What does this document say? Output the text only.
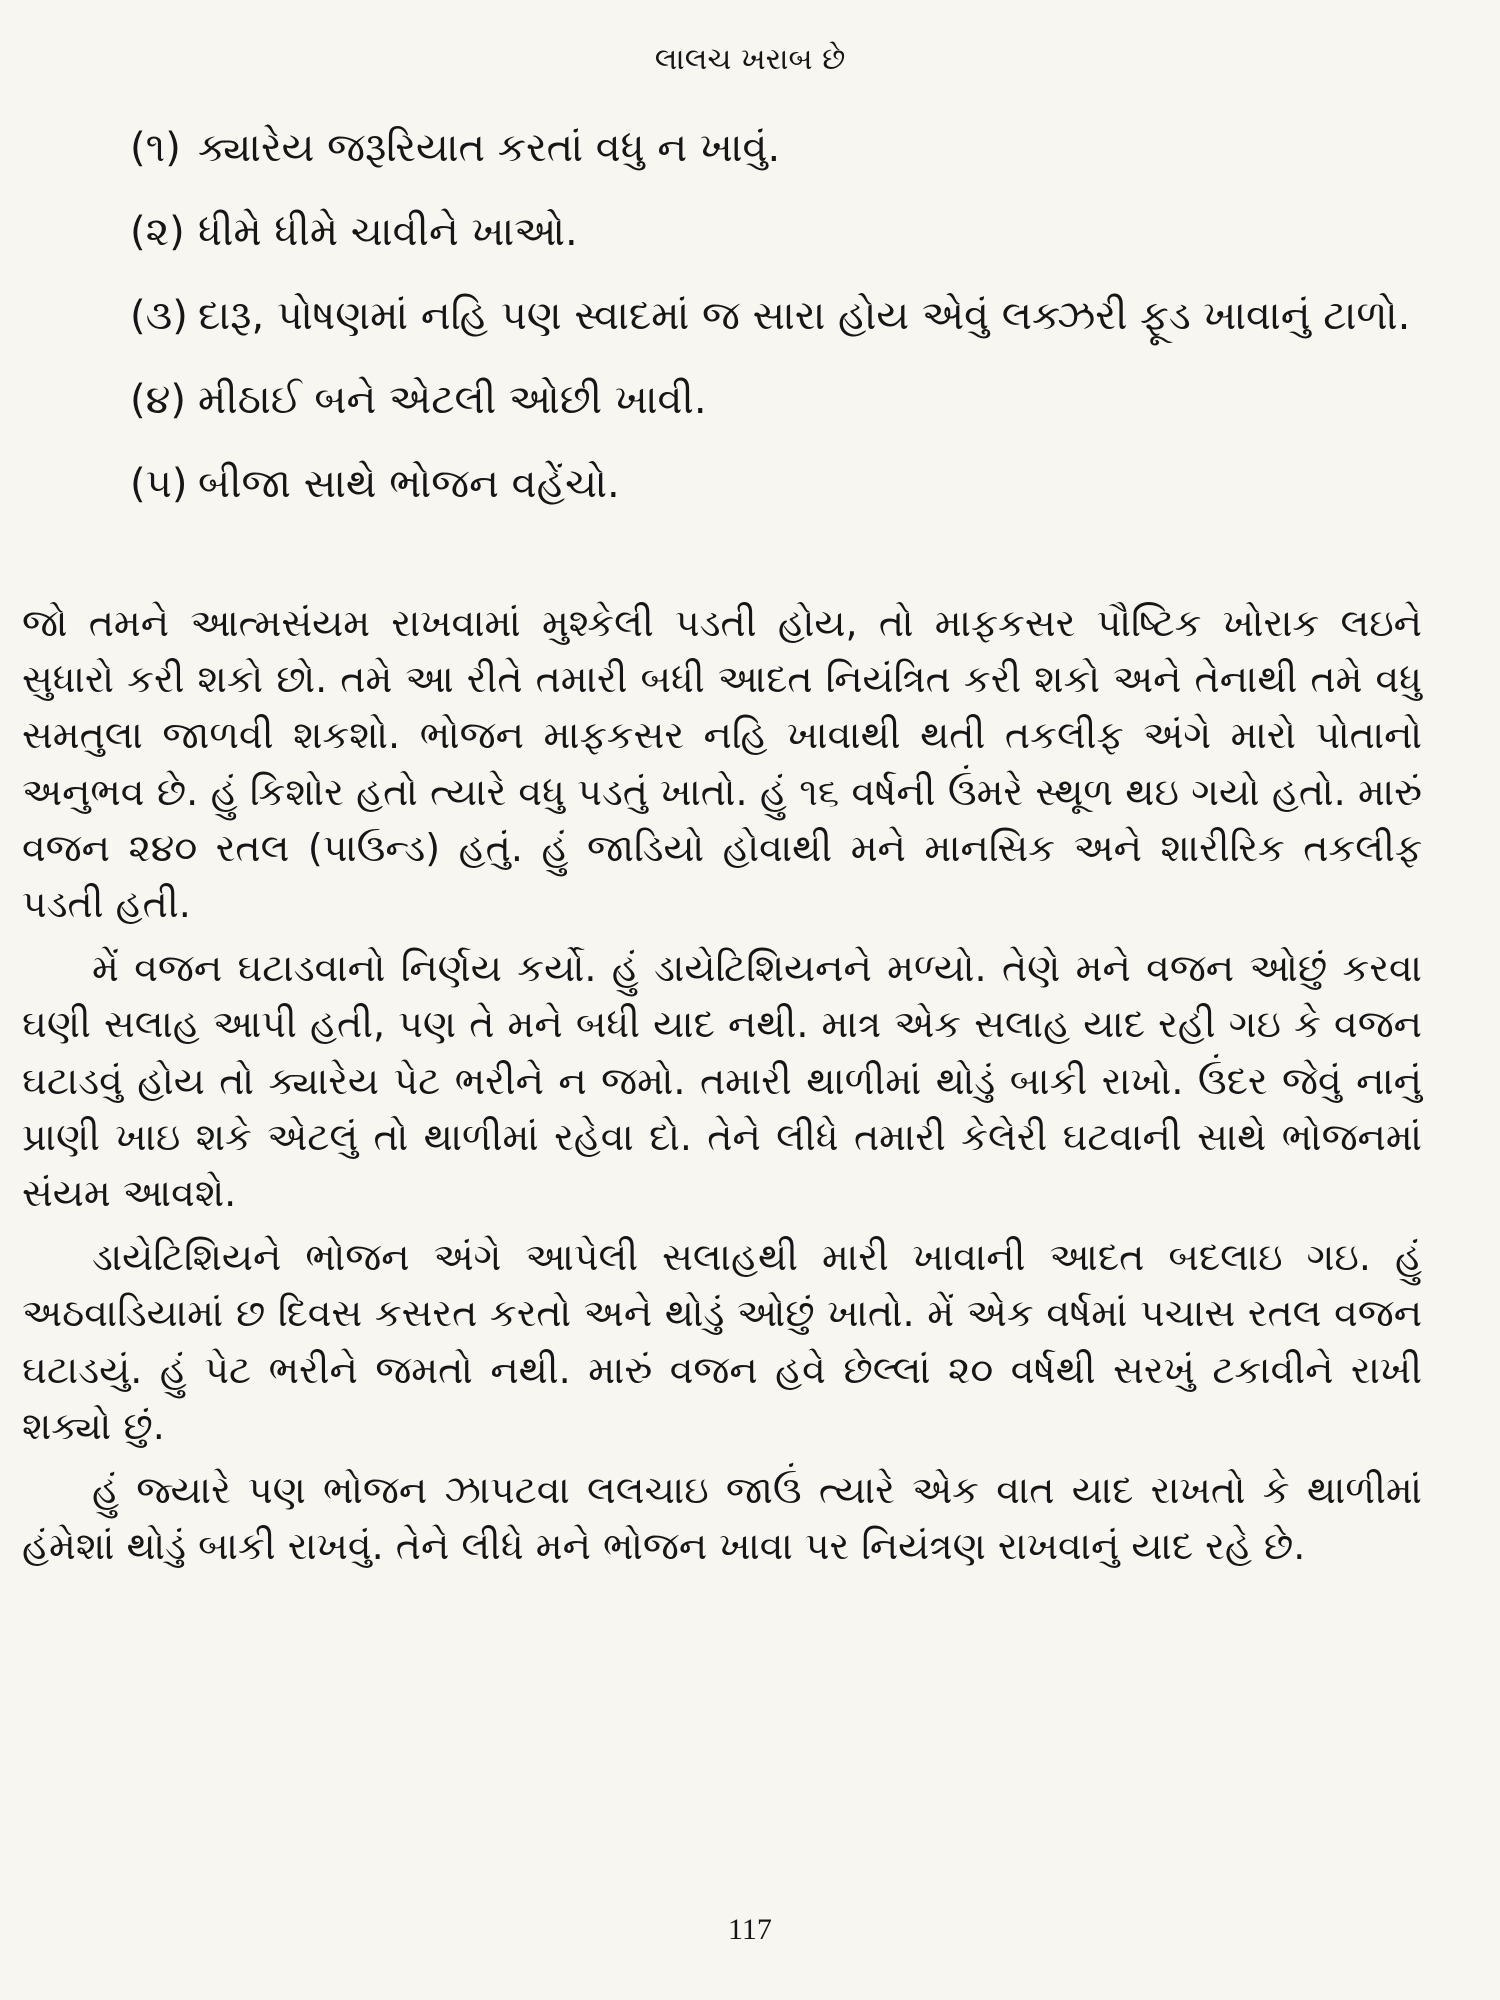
લાલચ ખરાબ છે
(૧) ક્યારેય જરૂરિયાત કરતાં વધુ ન ખાવું.
(૨) ધીમે ધીમે ચાવીને ખાઓ.
(૩) દારૂ, પોષણમાં નહિ પણ સ્વાદમાં જ સારા હોય એવું લક્ઝરી ફૂડ ખાવાનું ટાળો.
(૪) મીઠાઈ બને એટલી ઓછી ખાવી.
(૫) બીજા સાથે ભોજન વહેંચો.

જો તમને આત્મસંયમ રાખવામાં મુશ્કેલી પડતી હોય, તો માફકસર પૌષ્ટિક ખોરાક લઇને સુધારો કરી શકો છો. તમે આ રીતે તમારી બધી આદત નિયંત્રિત કરી શકો અને તેનાથી તમે વધુ સમતુલા જાળવી શકશો. ભોજન માફકસર નહિ ખાવાથી થતી તકલીફ અંગે મારો પોતાનો અનુભવ છે. હું કિશોર હતો ત્યારે વધુ પડતું ખાતો. હું ૧૬ વર્ષની ઉંમરે સ્થૂળ થઇ ગયો હતો. મારું વજન ૨૪૦ રતલ (પાઉન્ડ) હતું. હું જાડિયો હોવાથી મને માનસિક અને શારીરિક તકલીફ પડતી હતી.

મેં વજન ઘટાડવાનો નિર્ણય કર્યો. હું ડાયેટિશિયનને મળ્યો. તેણે મને વજન ઓછું કરવા ઘણી સલાહ આપી હતી, પણ તે મને બધી યાદ નથી. માત્ર એક સલાહ યાદ રહી ગઇ કે વજન ઘટાડવું હોય તો ક્યારેય પેટ ભરીને ન જમો. તમારી થાળીમાં થોડું બાકી રાખો. ઉંદર જેવું નાનું પ્રાણી ખાઇ શકે એટલું તો થાળીમાં રહેવા દો. તેને લીધે તમારી કેલેરી ઘટવાની સાથે ભોજનમાં સંયમ આવશે.

ડાયેટિશિયને ભોજન અંગે આપેલી સલાહથી મારી ખાવાની આદત બદલાઇ ગઇ. હું અઠવાડિયામાં છ દિવસ કસરત કરતો અને થોડું ઓછું ખાતો. મેં એક વર્ષમાં પચાસ રતલ વજન ઘટાડયું. હું પેટ ભરીને જમતો નથી. મારું વજન હવે છેલ્લાં ૨૦ વર્ષથી સરખું ટકાવીને રાખી શક્યો છું.

હું જ્યારે પણ ભોજન ઝાપટવા લલચાઇ જાઉં ત્યારે એક વાત યાદ રાખતો કે થાળીમાં હંમેશાં થોડું બાકી રાખવું. તેને લીધે મને ભોજન ખાવા પર નિયંત્રણ રાખવાનું યાદ રહે છે.

117
